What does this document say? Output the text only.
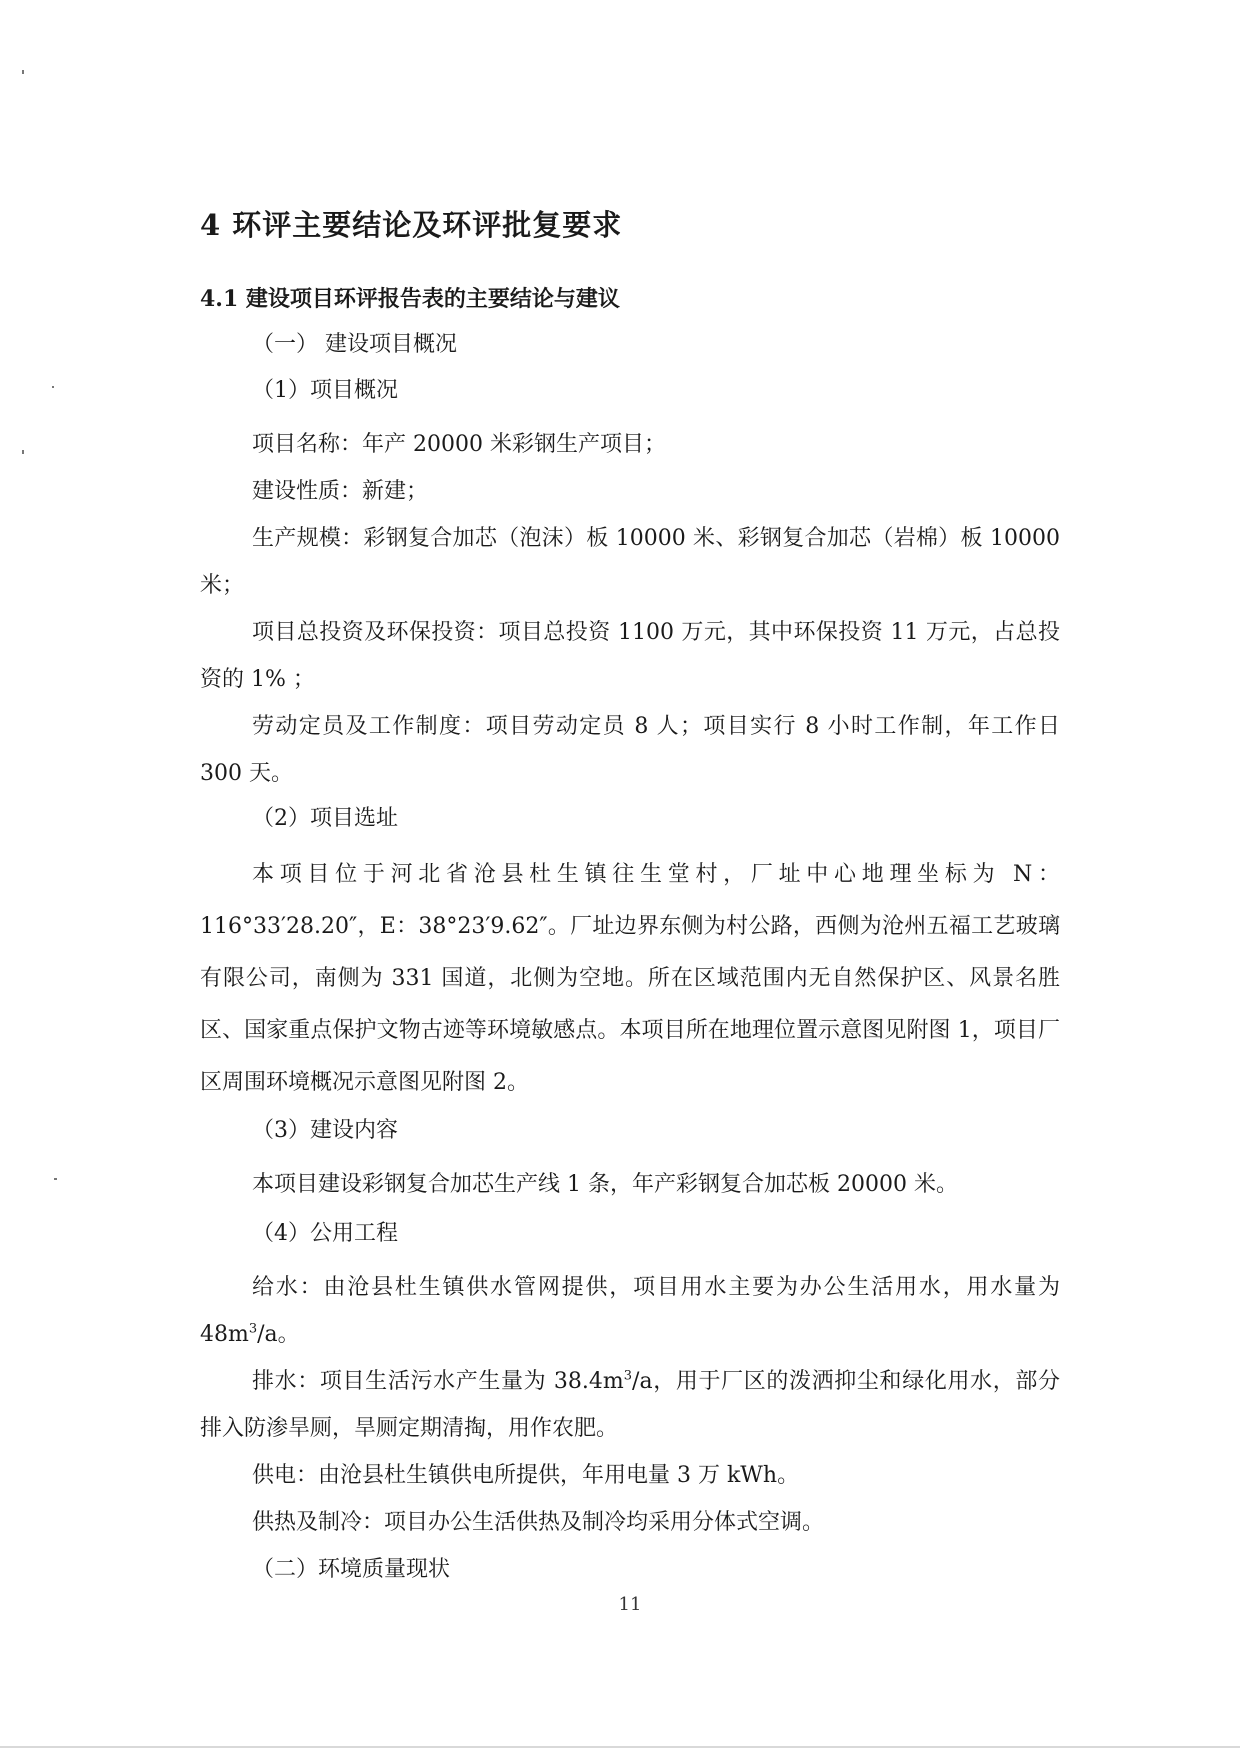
4 环评主要结论及环评批复要求
4.1 建设项目环评报告表的主要结论与建议
（一） 建设项目概况
（1）项目概况
项目名称：年产 20000 米彩钢生产项目；
建设性质：新建；
生产规模：彩钢复合加芯（泡沫）板 10000 米、彩钢复合加芯（岩棉）板 10000 米；
项目总投资及环保投资：项目总投资 1100 万元，其中环保投资 11 万元，占总投资的 1% ；
劳动定员及工作制度：项目劳动定员 8 人；项目实行 8 小时工作制，年工作日 300 天。
（2）项目选址
本项目位于河北省沧县杜生镇往生堂村，厂址中心地理坐标为 N：116°33′28.20″，E：38°23′9.62″。厂址边界东侧为村公路，西侧为沧州五福工艺玻璃有限公司，南侧为 331 国道，北侧为空地。所在区域范围内无自然保护区、风景名胜区、国家重点保护文物古迹等环境敏感点。本项目所在地理位置示意图见附图 1，项目厂区周围环境概况示意图见附图 2。
（3）建设内容
本项目建设彩钢复合加芯生产线 1 条，年产彩钢复合加芯板 20000 米。
（4）公用工程
给水：由沧县杜生镇供水管网提供，项目用水主要为办公生活用水，用水量为 $48m^3/a$。
排水：项目生活污水产生量为 $38.4m^3/a$，用于厂区的泼洒抑尘和绿化用水，部分排入防渗旱厕，旱厕定期清掏，用作农肥。
供电：由沧县杜生镇供电所提供，年用电量 3 万 kWh。
供热及制冷：项目办公生活供热及制冷均采用分体式空调。
（二）环境质量现状
11
